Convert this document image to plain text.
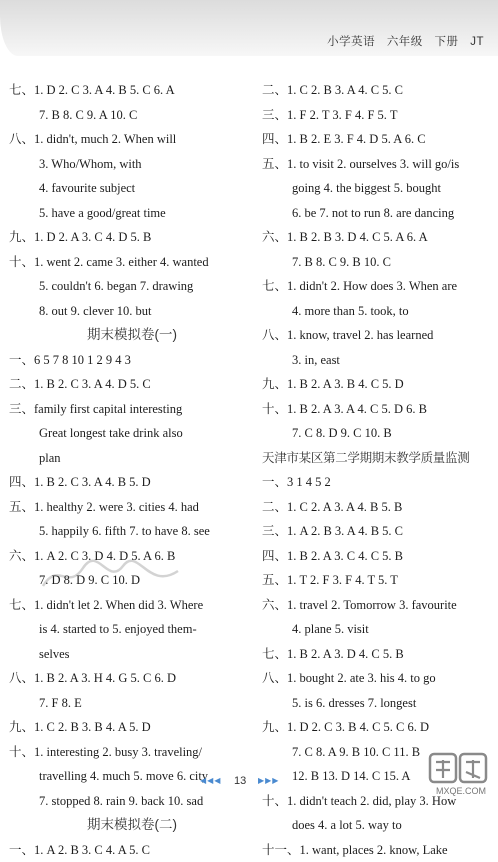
小学英语 六年级 下册 JT
七、1. D 2. C 3. A 4. B 5. C 6. A
7. B 8. C 9. A 10. C
八、1. didn't, much 2. When will
3. Who/Whom, with
4. favourite subject
5. have a good/great time
九、1. D 2. A 3. C 4. D 5. B
十、1. went 2. came 3. either 4. wanted
5. couldn't 6. began 7. drawing
8. out 9. clever 10. but
期末模拟卷(一)
一、6 5 7 8 10 1 2 9 4 3
二、1. B 2. C 3. A 4. D 5. C
三、family first capital interesting
Great longest take drink also
plan
四、1. B 2. C 3. A 4. B 5. D
五、1. healthy 2. were 3. cities 4. had
5. happily 6. fifth 7. to have 8. see
六、1. A 2. C 3. D 4. D 5. A 6. B
7. D 8. D 9. C 10. D
七、1. didn't let 2. When did 3. Where
is 4. started to 5. enjoyed them-
selves
八、1. B 2. A 3. H 4. G 5. C 6. D
7. F 8. E
九、1. C 2. B 3. B 4. A 5. D
十、1. interesting 2. busy 3. traveling/
travelling 4. much 5. move 6. city
7. stopped 8. rain 9. back 10. sad
期末模拟卷(二)
一、1. A 2. B 3. C 4. A 5. C
二、1. C 2. B 3. A 4. C 5. C
三、1. F 2. T 3. F 4. F 5. T
四、1. B 2. E 3. F 4. D 5. A 6. C
五、1. to visit 2. ourselves 3. will go/is
going 4. the biggest 5. bought
6. be 7. not to run 8. are dancing
六、1. B 2. B 3. D 4. C 5. A 6. A
7. B 8. C 9. B 10. C
七、1. didn't 2. How does 3. When are
4. more than 5. took, to
八、1. know, travel 2. has learned
3. in, east
九、1. B 2. A 3. B 4. C 5. D
十、1. B 2. A 3. A 4. C 5. D 6. B
7. C 8. D 9. C 10. B
天津市某区第二学期期末教学质量监测
一、3 1 4 5 2
二、1. C 2. A 3. A 4. B 5. B
三、1. A 2. B 3. A 4. B 5. C
四、1. B 2. A 3. C 4. C 5. B
五、1. T 2. F 3. F 4. T 5. T
六、1. travel 2. Tomorrow 3. favourite
4. plane 5. visit
七、1. B 2. A 3. D 4. C 5. B
八、1. bought 2. ate 3. his 4. to go
5. is 6. dresses 7. longest
九、1. D 2. C 3. B 4. C 5. C 6. D
7. C 8. A 9. B 10. C 11. B
12. B 13. D 14. C 15. A
十、1. didn't teach 2. did, play 3. How
does 4. a lot 5. way to
十一、1. want, places 2. know, Lake
◀◀◀ 13 ▶▶▶
MXQE.COM
